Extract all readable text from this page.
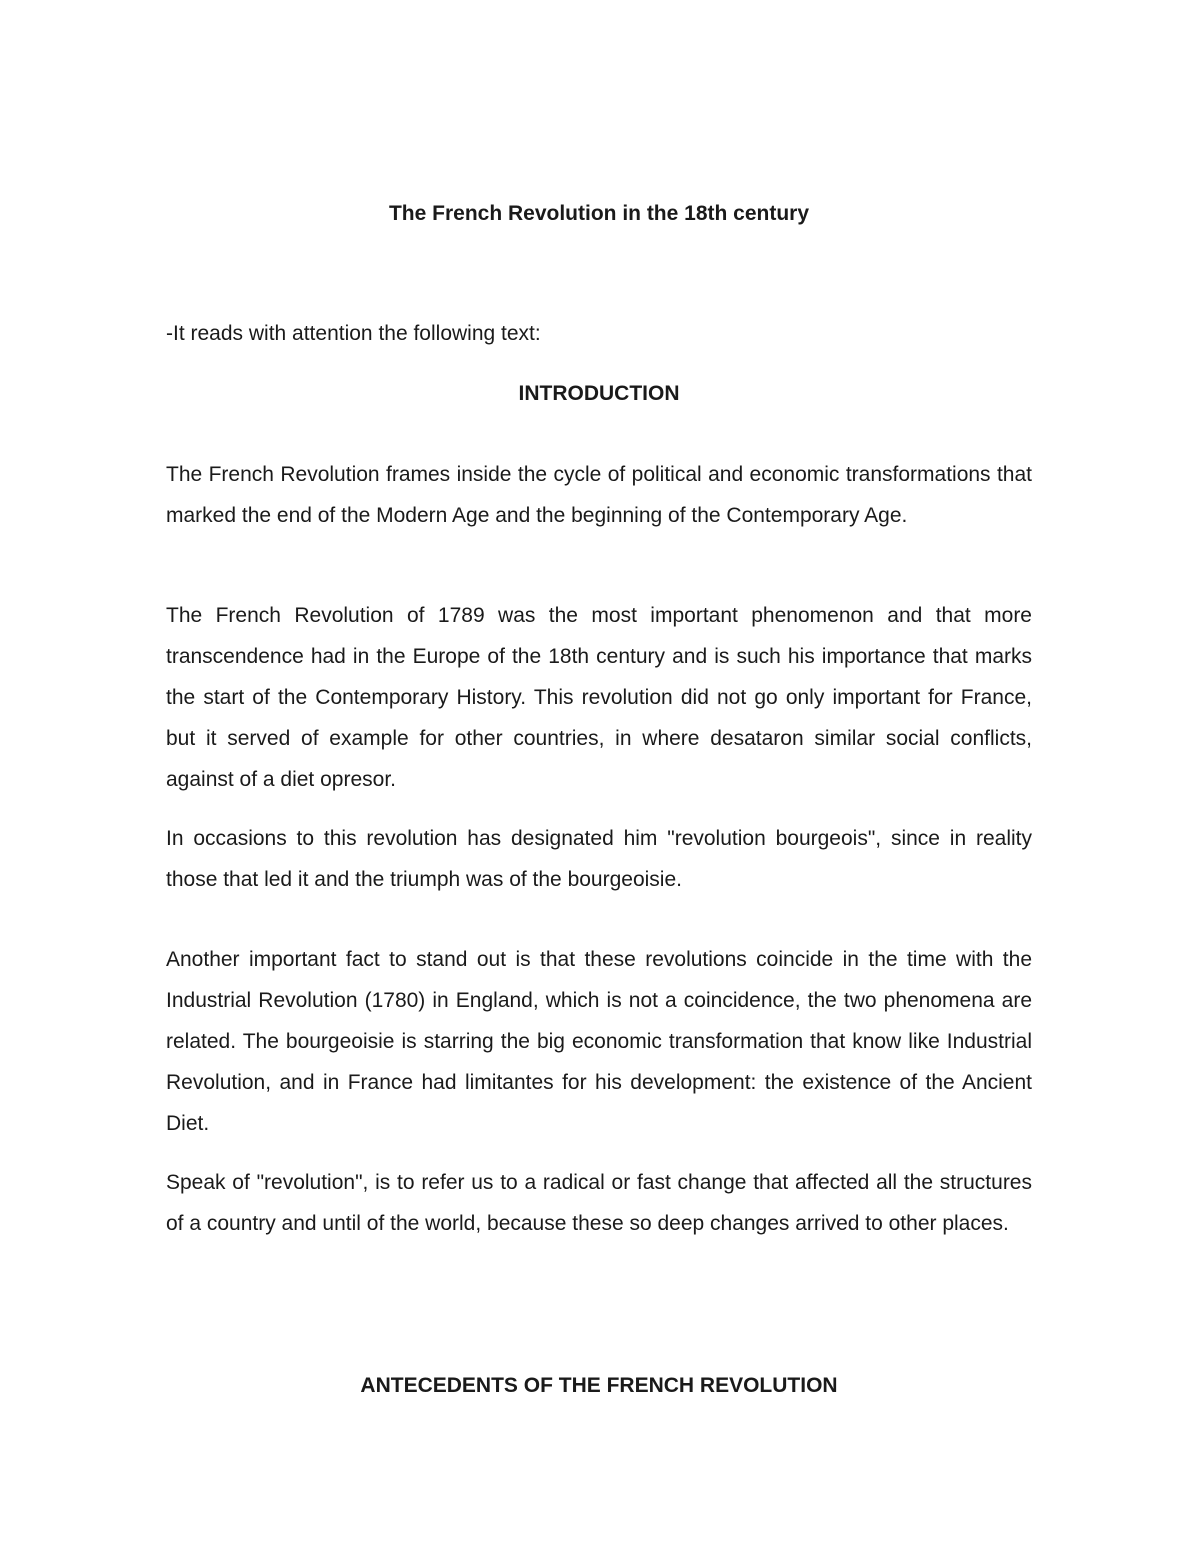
The French Revolution in the 18th century

-It reads with attention the following text:

INTRODUCTION

The French Revolution frames inside the cycle of political and economic transformations that marked the end of the Modern Age and the beginning of the Contemporary Age.

The French Revolution of 1789 was the most important phenomenon and that more transcendence had in the Europe of the 18th century and is such his importance that marks the start of the Contemporary History. This revolution did not go only important for France, but it served of example for other countries, in where desataron similar social conflicts, against of a diet opresor.

In occasions to this revolution has designated him "revolution bourgeois", since in reality those that led it and the triumph was of the bourgeoisie.

Another important fact to stand out is that these revolutions coincide in the time with the Industrial Revolution (1780) in England, which is not a coincidence, the two phenomena are related. The bourgeoisie is starring the big economic transformation that know like Industrial Revolution, and in France had limitantes for his development: the existence of the Ancient Diet.

Speak of "revolution", is to refer us to a radical or fast change that affected all the structures of a country and until of the world, because these so deep changes arrived to other places.

ANTECEDENTS OF THE FRENCH REVOLUTION
